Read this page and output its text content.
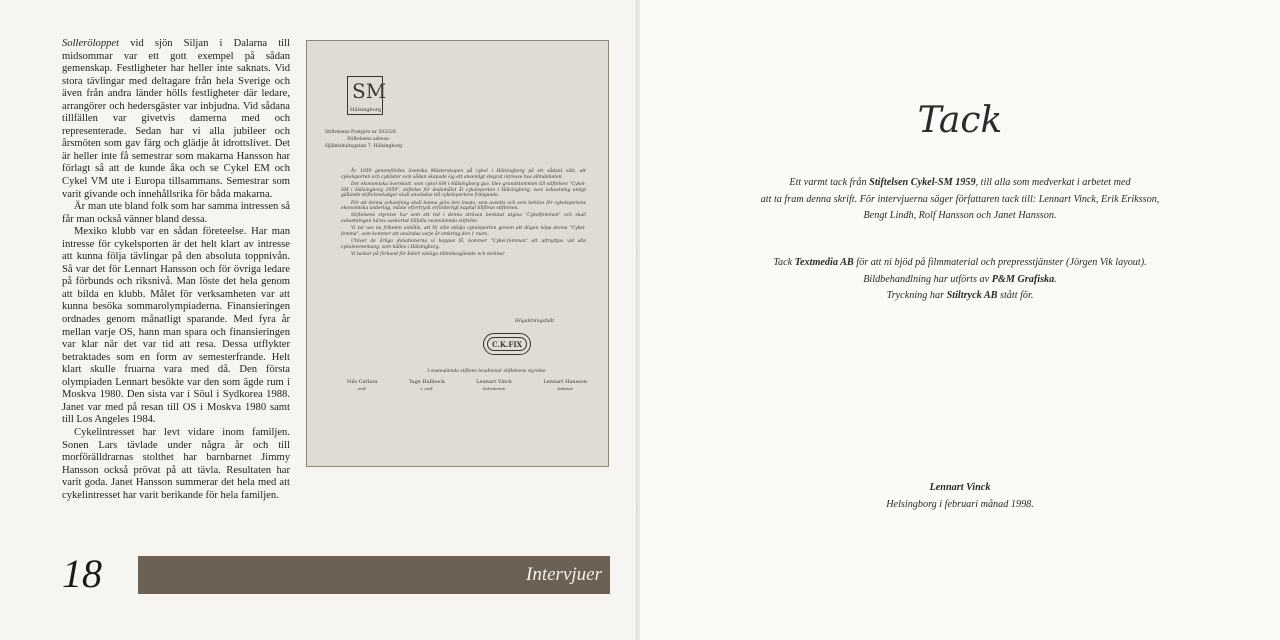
Solleröloppet vid sjön Siljan i Dalarna till midsommar var ett gott exempel på sådan gemenskap. Festligheter har heller inte saknats. Vid stora tävlingar med deltagare från hela Sverige och även från andra länder hölls festligheter där ledare, arrangörer och hedersgäster var inbjudna. Vid sådana tillfällen var givetvis damerna med och representerade. Sedan har vi alla jubileer och årsmöten som gav färg och glädje åt idrottslivet. Det är heller inte få semestrar som makarna Hansson har förlagt så att de kunde åka och se Cykel EM och Cykel VM ute i Europa tillsammans. Semestrar som varit givande och innehållsrika för båda makarna.

Är man ute bland folk som har samma intressen så får man också vänner bland dessa.

Mexiko klubb var en sådan företeelse. Har man intresse för cykelsporten är det helt klart av intresse att kunna följa tävlingar på den absoluta toppnivån. Så var det för Lennart Hansson och för övriga ledare på förbunds och riksnivå. Man löste det hela genom att bilda en klubb. Målet för verksamheten var att kunna besöka sommarolympiaderna. Finansieringen ordnades genom månatligt sparande. Med fyra år mellan varje OS, hann man spara och finansieringen var klar när det var tid att resa. Dessa utflykter betraktades som en form av semesterfrande. Helt klart skulle fruarna vara med då. Den första olympiaden Lennart besökte var den som ägde rum i Moskva 1980. Den sista var i Söul i Sydkorea 1988. Janet var med på resan till OS i Moskva 1980 samt till Los Angeles 1984.

Cykelintresset har levt vidare inom familjen. Sonen Lars tävlade under några år och till morförälldrarnas stolthet har barnbarnet Jimmy Hansson också prövat på att tävla. Resultaten har varit goda. Janet Hansson summerar det hela med att cykelintresset har varit berikande för hela familjen.

SM
Hälsingborg
Stiftelsens Postgiro nr 503326
Stiftelsens adress:
Hjälmshultsgatan 7, Hälsingborg

År 1959 genomfördes Svenska Mästerskapen på cykel i Hälsingborg på ett sådant sätt, att cykelsporten och cyklister som sådan skapade sig ett ansenligt stegrat intresse hos allmänheten.

Det ekonomiska överskott, som cykel-SM i Hälsingborg gav, blev grundstommen till stiftelsen "Cykel-SM i Hälsingborg 1959", stiftelse för ändamålet åt cykelsporten i Hälsingborg, vars avkastning enligt gällande stiftelsestadgar skall användas till cykelsportens främjande.

För att denna avkastning skall kunna göra den insats, som avsetts och som behövs för cykelsportens ekonomiska underlag, måste eftertryck erforderligt kapital tillföras stiftelsen.

Stiftelsens styrelse har som ett led i denna strävan beslutat utgiva "Cykelfemman" och skall avkastningen härav oavkortat tillfalla ovannämnda stiftelse.

Vi tar oss nu friheten anhålla, att Ni ville stödja cykelsporten genom att dligen köpa denna "Cykel-femma", som kommer att utsändas varje år omkring den 1 mars.

Utöver de årliga donationerna vi hoppas få, kommer "Cykel-femman" att uttnyttjas vid alla cykelevenemang, som hålles i Hälsingborg.

Vi tackar på förhand för Edert vänliga tillmötesgående och tecknar

Högaktningsfullt
C.K.FIX
I ovannämnda stiftens tecalimnar stiftelsens styrelse:
Nils Carlion
ordf.
Tage Hallbeck
v. ordf.
Lennart Vinck
Sekreterare
Lennart Hansson
ledamot
18	Intervjuer
Tack

Ett varmt tack från Stiftelsen Cykel-SM 1959, till alla som medverkat i arbetet med

att ta fram denna skrift. För intervjuerna säger författaren tack till: Lennart Vinck, Erik Eriksson,

Bengt Lindh, Rolf Hansson och Janet Hansson.

Tack Textmedia AB för att ni bjöd på filmmaterial och prepresstjänster (Jörgen Vik layout).

Bildbehandlning har utförts av P&M Grafiska.

Tryckning har Stiltryck AB stått för.

Lennart Vinck

Helsingborg i februari månad 1998.
